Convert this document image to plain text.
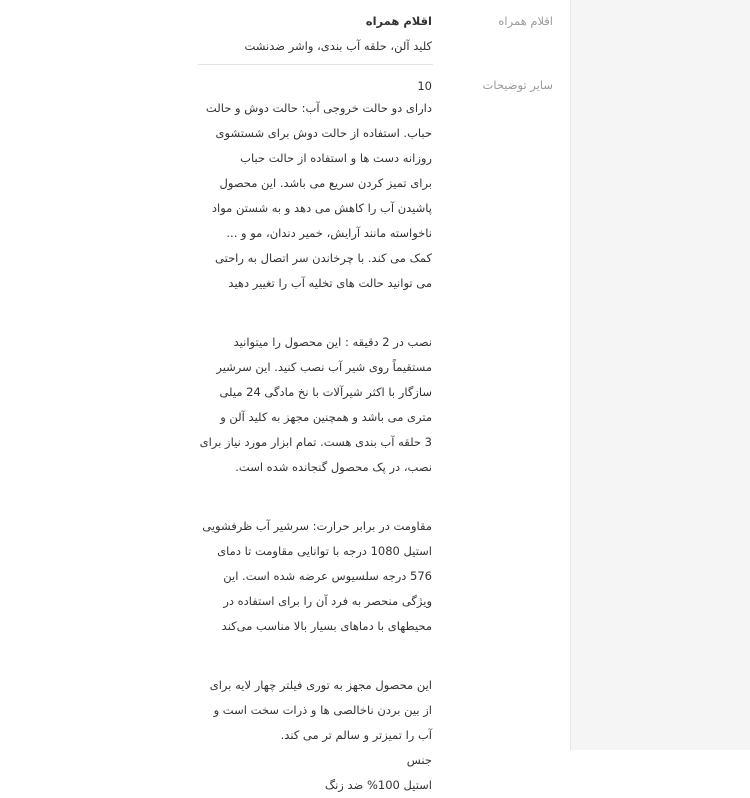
اقلام همراه

اقلام همراه

کلید آلن، حلقه آب بندی، واشر ضدنشت

سایر توضیحات

10

دارای دو حالت خروجی آب: حالت دوش و حالت

حباب. استفاده از حالت دوش برای شستشوی

روزانه دست ها و استفاده از حالت حباب

برای تمیز کردن سریع می باشد. این محصول

پاشیدن آب را کاهش می دهد و به شستن مواد

ناخواسته مانند آرایش، خمیر دندان، مو و ...

کمک می کند. با چرخاندن سر اتصال به راحتی

می توانید حالت های تخلیه آب را تغییر دهید

نصب در 2 دقیقه : این محصول را میتوانید

مستقیماً روی شیر آب نصب کنید. این سرشیر

سازگار با اکثر شیرآلات با نخ مادگی 24 میلی

متری می باشد و همچنین مجهز به کلید آلن و

3 حلقه آب بندی هست. تمام ابزار مورد نیاز برای

نصب، در پک محصول گنجانده شده است.

مقاومت در برابر حرارت: سرشیر آب ظرفشویی

استیل 1080 درجه با توانایی مقاومت تا دمای

576 درجه سلسیوس عرضه شده است. این

ویژگی منحصر به فرد آن را برای استفاده در

محیطهای با دماهای بسیار بالا مناسب می‌کند

این محصول مجهز به توری فیلتر چهار لایه برای

از بین بردن ناخالصی ها و ذرات سخت است و

آب را تمیزتر و سالم تر می کند.

جنس

استیل 100% ضد زنگ
